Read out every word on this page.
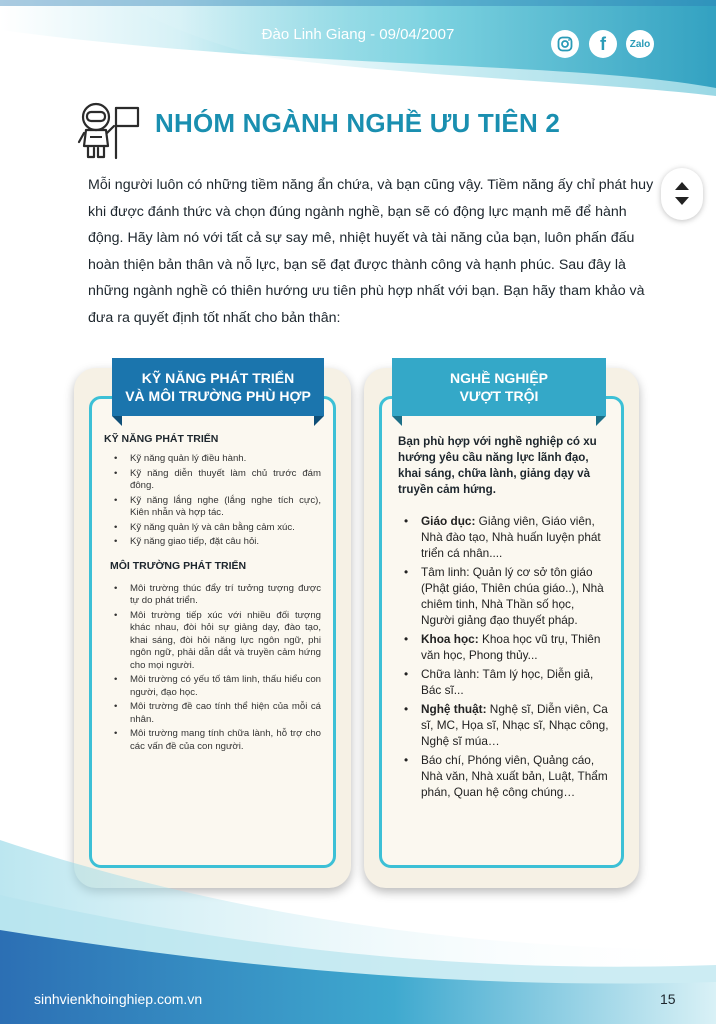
Đào Linh Giang - 09/04/2007	f	Zalo
NHÓM NGÀNH NGHỀ ƯU TIÊN 2

Mỗi người luôn có những tiềm năng ẩn chứa, và bạn cũng vậy. Tiềm năng ấy chỉ phát huy khi được đánh thức và chọn đúng ngành nghề, bạn sẽ có động lực mạnh mẽ để hành động. Hãy làm nó với tất cả sự say mê, nhiệt huyết và tài năng của bạn, luôn phấn đấu hoàn thiện bản thân và nỗ lực, bạn sẽ đạt được thành công và hạnh phúc. Sau đây là những ngành nghề có thiên hướng ưu tiên phù hợp nhất với bạn. Bạn hãy tham khảo và đưa ra quyết định tốt nhất cho bản thân:

KỸ NĂNG PHÁT TRIỂN
• Kỹ năng quản lý điều hành.
• Kỹ năng diễn thuyết làm chủ trước đám đông.
• Kỹ năng lắng nghe (lắng nghe tích cực), Kiên nhẫn và hợp tác.
• Kỹ năng quản lý và cân bằng cảm xúc.
• Kỹ năng giao tiếp, đặt câu hỏi.
MÔI TRƯỜNG PHÁT TRIỂN
• Môi trường thúc đẩy trí tưởng tượng được tự do phát triển.
• Môi trường tiếp xúc với nhiều đối tượng khác nhau, đòi hỏi sự giảng dạy, đào tạo, khai sáng, đòi hỏi năng lực ngôn ngữ, phi ngôn ngữ, phải dẫn dắt và truyền cảm hứng cho mọi người.
• Môi trường có yếu tố tâm linh, thấu hiểu con người, đạo học.
• Môi trường đề cao tính thể hiện của mỗi cá nhân.
• Môi trường mang tính chữa lành, hỗ trợ cho các vấn đề của con người.
KỸ NĂNG PHÁT TRIỂN
VÀ MÔI TRƯỜNG PHÙ HỢP

Bạn phù hợp với nghề nghiệp có xu hướng yêu cầu năng lực lãnh đạo, khai sáng, chữa lành, giảng dạy và truyền cảm hứng.

• Giáo dục: Giảng viên, Giáo viên, Nhà đào tạo, Nhà huấn luyện phát triển cá nhân....
• Tâm linh: Quản lý cơ sở tôn giáo (Phật giáo, Thiên chúa giáo..), Nhà chiêm tinh, Nhà Thần số học, Người giảng đạo thuyết pháp.
• Khoa học: Khoa học vũ trụ, Thiên văn học, Phong thủy...
• Chữa lành: Tâm lý học, Diễn giả, Bác sĩ...
• Nghệ thuật: Nghệ sĩ, Diễn viên, Ca sĩ, MC, Họa sĩ, Nhạc sĩ, Nhạc công, Nghệ sĩ múa…
• Báo chí, Phóng viên, Quảng cáo, Nhà văn, Nhà xuất bản, Luật, Thẩm phán, Quan hệ công chúng…
NGHỀ NGHIỆP
VƯỢT TRỘI
sinhvienkhoinghiep.com.vn	15
